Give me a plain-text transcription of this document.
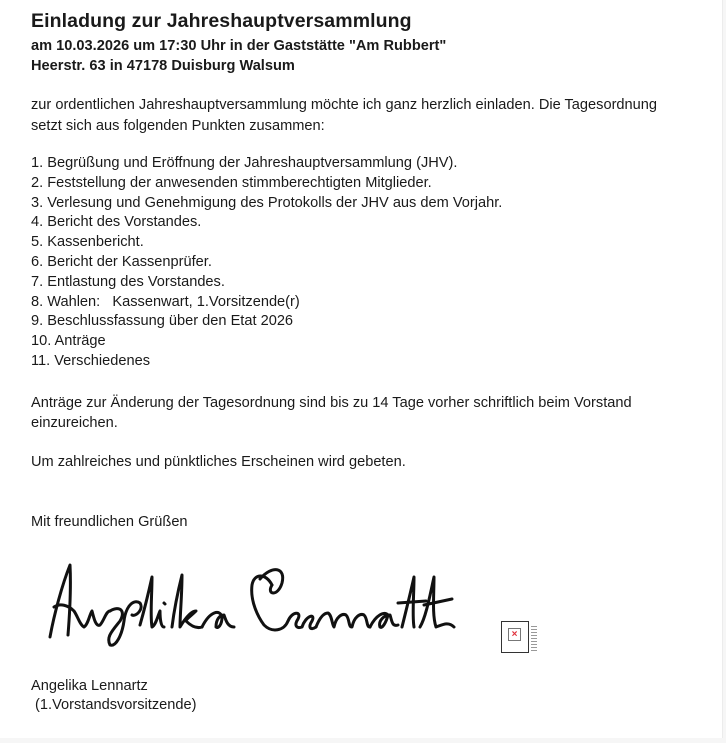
Einladung zur Jahreshauptversammlung
am 10.03.2026 um 17:30 Uhr in der Gaststätte "Am Rubbert"
Heerstr. 63 in 47178 Duisburg Walsum
zur ordentlichen Jahreshauptversammlung möchte ich ganz herzlich einladen. Die Tagesordnung
setzt sich aus folgenden Punkten zusammen:
1. Begrüßung und Eröffnung der Jahreshauptversammlung (JHV).
2. Feststellung der anwesenden stimmberechtigten Mitglieder.
3. Verlesung und Genehmigung des Protokolls der JHV aus dem Vorjahr.
4. Bericht des Vorstandes.
5. Kassenbericht.
6. Bericht der Kassenprüfer.
7. Entlastung des Vorstandes.
8. Wahlen:   Kassenwart, 1.Vorsitzende(r)
9. Beschlussfassung über den Etat 2026
10. Anträge
11. Verschiedenes
Anträge zur Änderung der Tagesordnung sind bis zu 14 Tage vorher schriftlich beim Vorstand
einzureichen.
Um zahlreiches und pünktliches Erscheinen wird gebeten.
Mit freundlichen Grüßen
×
Angelika Lennartz
(1.Vorstandsvorsitzende)
